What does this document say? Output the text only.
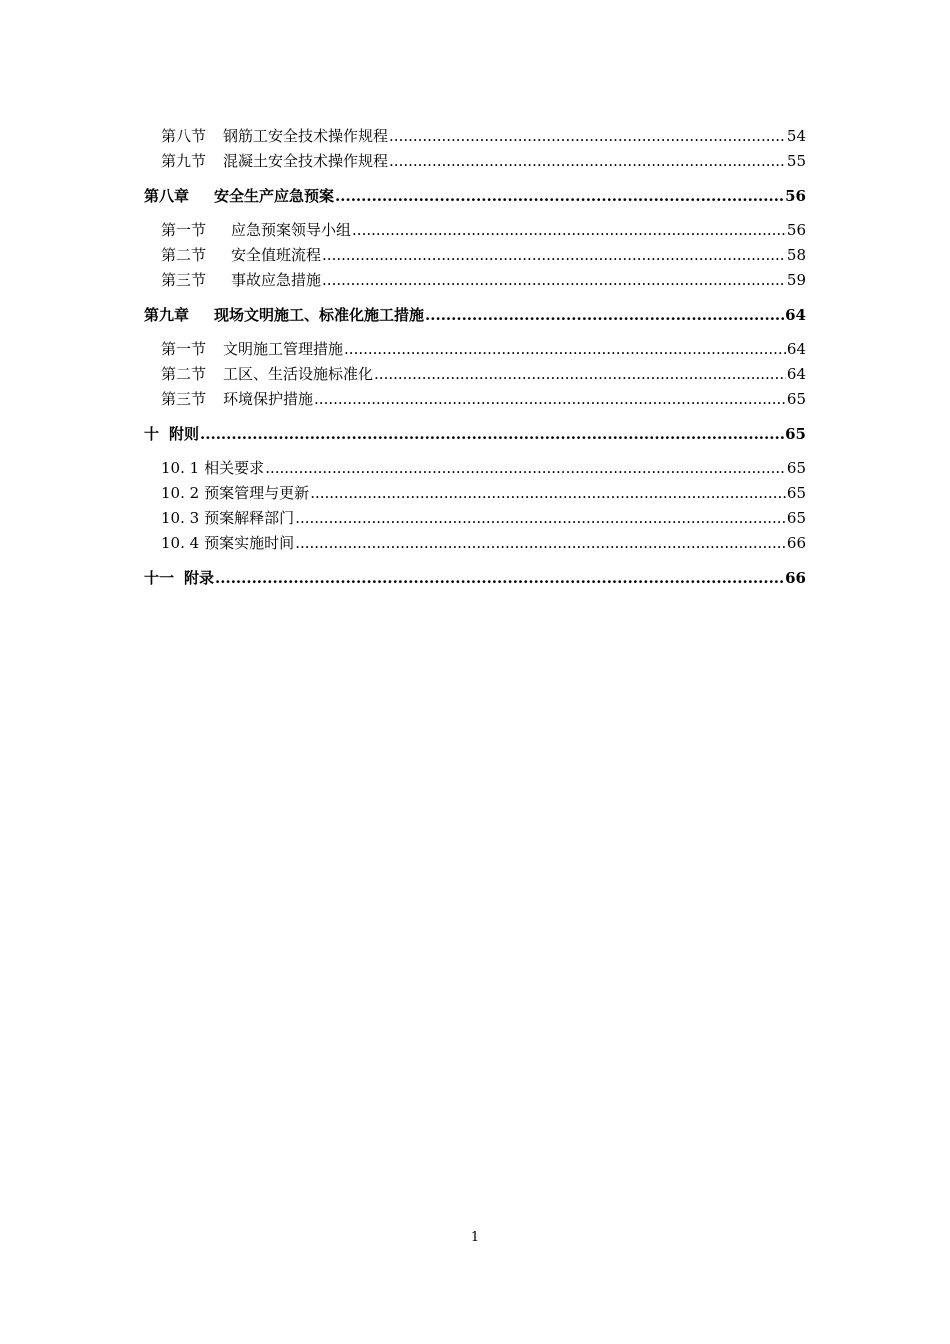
第八节 钢筋工安全技术操作规程 .....	54
第九节 混凝土安全技术操作规程 .....	55
第八章 安全生产应急预案 .....	56
第一节 应急预案领导小组 .....	56
第二节 安全值班流程 .....	58
第三节 事故应急措施 .....	59
第九章 现场文明施工、标准化施工措施 .....	64
第一节 文明施工管理措施 .....	64
第二节 工区、生活设施标准化 .....	64
第三节 环境保护措施 .....	65
十 附则 .....	65
10. 1 相关要求 .....	65
10. 2 预案管理与更新 .....	65
10. 3 预案解释部门 .....	65
10. 4 预案实施时间 .....	66
十一 附录 .....	66
1
